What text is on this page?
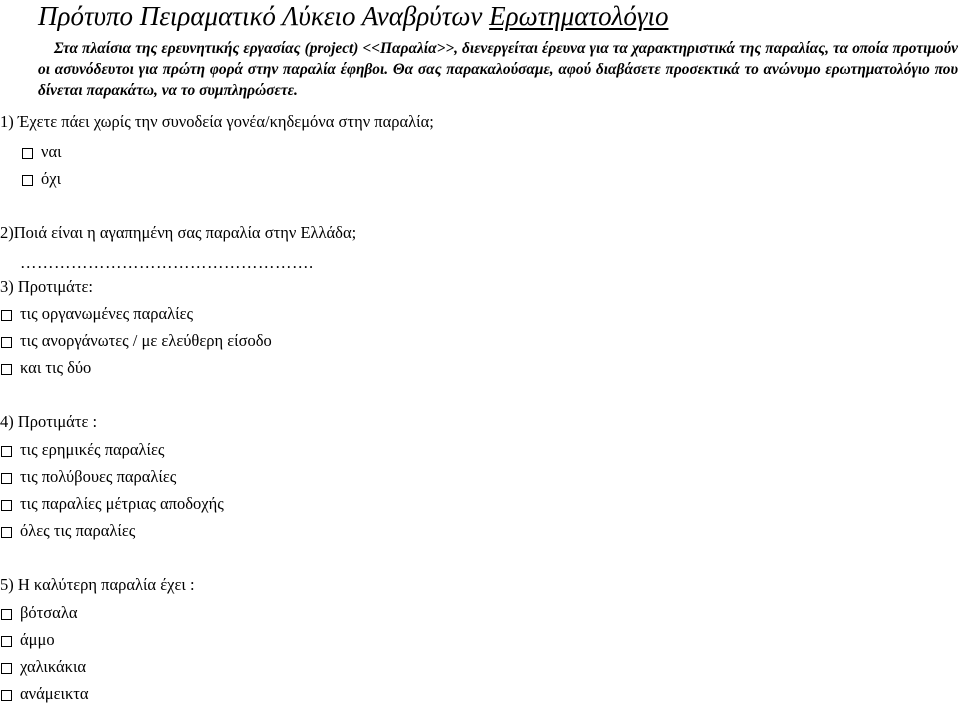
Πρότυπο Πειραματικό Λύκειο Αναβρύτων Ερωτηματολόγιο
Στα πλαίσια της ερευνητικής εργασίας (project) <<Παραλία>>, διενεργείται έρευνα για τα χαρακτηριστικά της παραλίας, τα οποία προτιμούν οι ασυνόδευτοι για πρώτη φορά στην παραλία έφηβοι. Θα σας παρακαλούσαμε, αφού διαβάσετε προσεκτικά το ανώνυμο ερωτηματολόγιο που δίνεται παρακάτω, να το συμπληρώσετε.
1) Έχετε πάει χωρίς την συνοδεία γονέα/κηδεμόνα στην παραλία;
ναι
όχι
2)Ποιά είναι η αγαπημένη σας παραλία στην Ελλάδα;
…………………………………………….
3) Προτιμάτε:
τις οργανωμένες παραλίες
τις ανοργάνωτες / με ελεύθερη είσοδο
και τις δύο
4) Προτιμάτε :
τις ερημικές παραλίες
τις πολύβουες παραλίες
τις παραλίες μέτριας αποδοχής
όλες τις παραλίες
5) Η καλύτερη παραλία έχει :
βότσαλα
άμμο
χαλικάκια
ανάμεικτα
